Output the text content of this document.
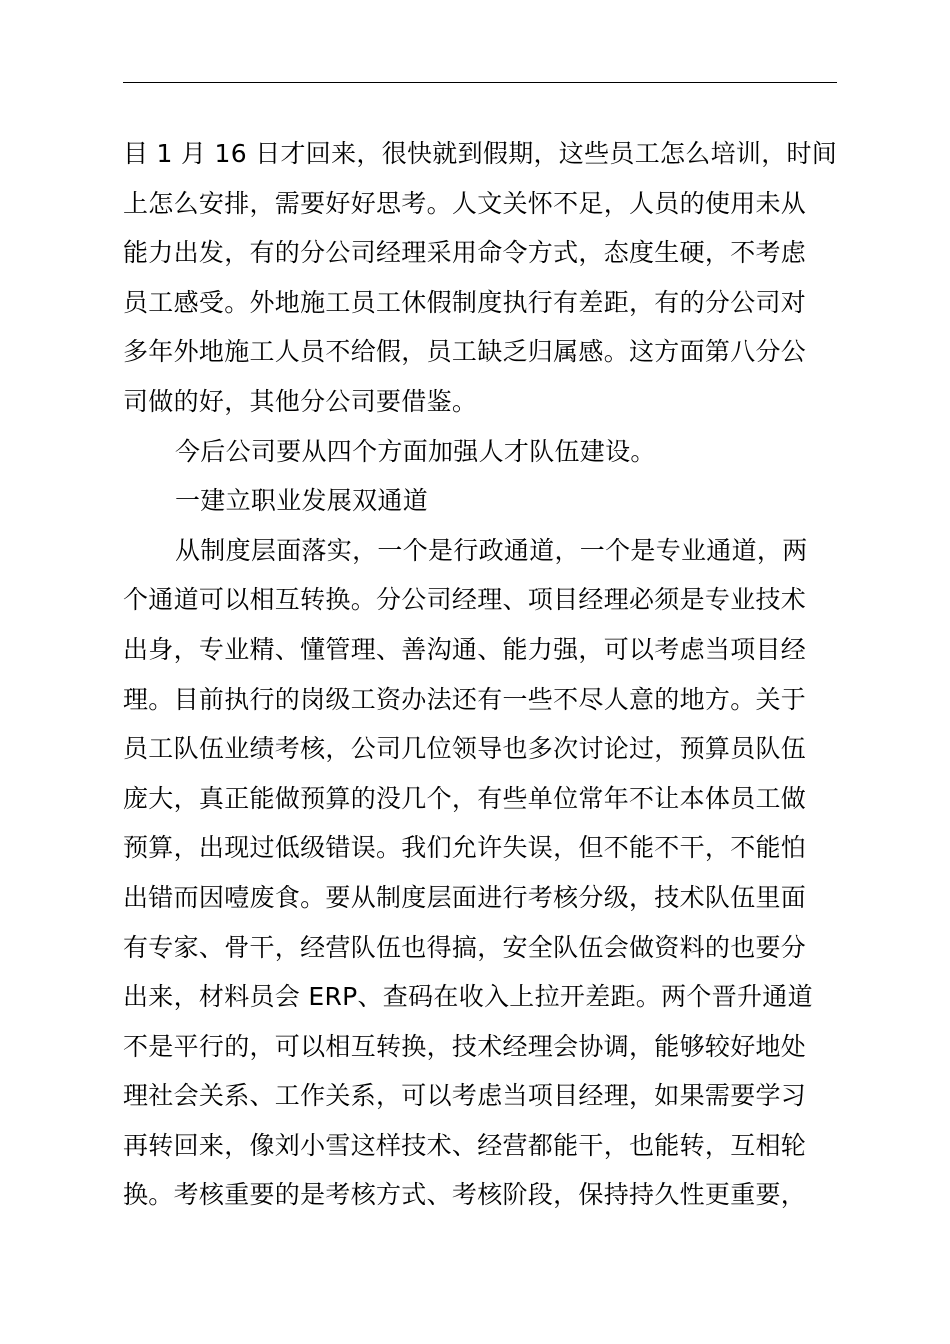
目 1 月 16 日才回来，很快就到假期，这些员工怎么培训，时间
上怎么安排，需要好好思考。人文关怀不足，人员的使用未从
能力出发，有的分公司经理采用命令方式，态度生硬，不考虑
员工感受。外地施工员工休假制度执行有差距，有的分公司对
多年外地施工人员不给假，员工缺乏归属感。这方面第八分公
司做的好，其他分公司要借鉴。
今后公司要从四个方面加强人才队伍建设。
一建立职业发展双通道
从制度层面落实，一个是行政通道，一个是专业通道，两
个通道可以相互转换。分公司经理、项目经理必须是专业技术
出身，专业精、懂管理、善沟通、能力强，可以考虑当项目经
理。目前执行的岗级工资办法还有一些不尽人意的地方。关于
员工队伍业绩考核，公司几位领导也多次讨论过，预算员队伍
庞大，真正能做预算的没几个，有些单位常年不让本体员工做
预算，出现过低级错误。我们允许失误，但不能不干，不能怕
出错而因噎废食。要从制度层面进行考核分级，技术队伍里面
有专家、骨干，经营队伍也得搞，安全队伍会做资料的也要分
出来，材料员会 ERP、查码在收入上拉开差距。两个晋升通道
不是平行的，可以相互转换，技术经理会协调，能够较好地处
理社会关系、工作关系，可以考虑当项目经理，如果需要学习
再转回来，像刘小雪这样技术、经营都能干，也能转，互相轮
换。考核重要的是考核方式、考核阶段，保持持久性更重要，
